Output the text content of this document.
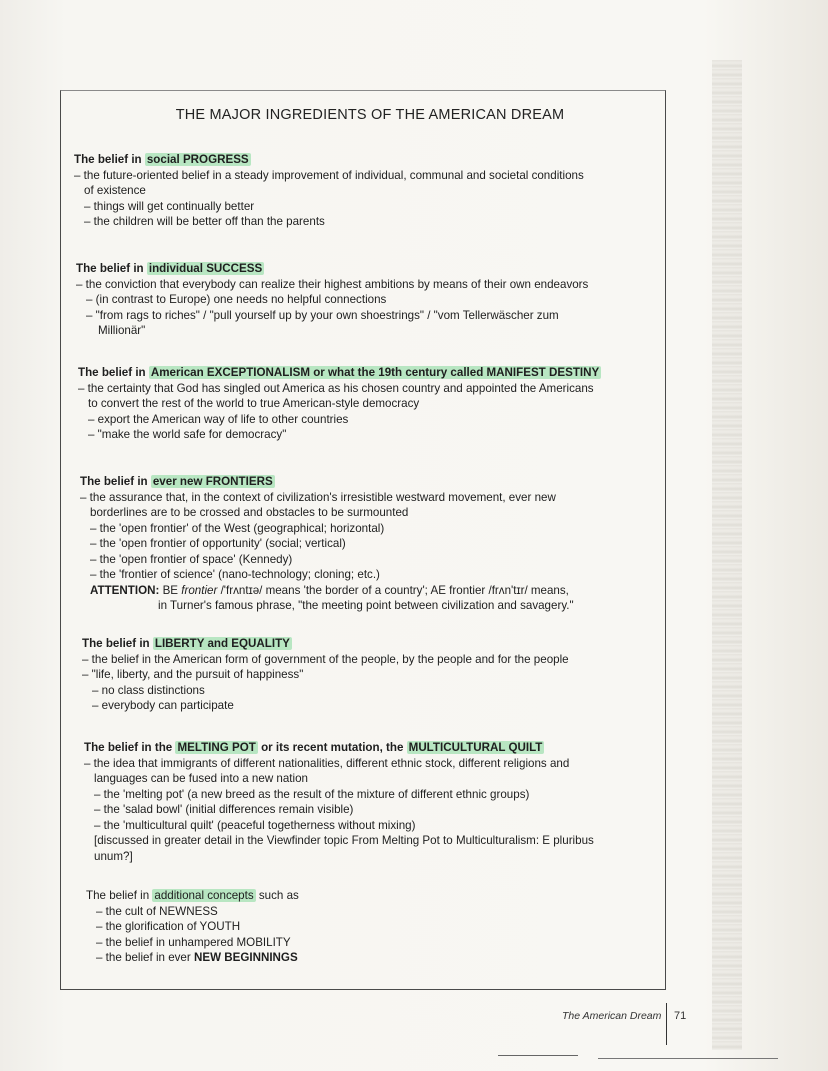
THE MAJOR INGREDIENTS OF THE AMERICAN DREAM
The belief in social PROGRESS
– the future-oriented belief in a steady improvement of individual, communal and societal conditions
of existence
– things will get continually better
– the children will be better off than the parents
The belief in individual SUCCESS
– the conviction that everybody can realize their highest ambitions by means of their own endeavors
– (in contrast to Europe) one needs no helpful connections
– "from rags to riches" / "pull yourself up by your own shoestrings" / "vom Tellerwäscher zum
Millionär"
The belief in American EXCEPTIONALISM or what the 19th century called MANIFEST DESTINY
– the certainty that God has singled out America as his chosen country and appointed the Americans
to convert the rest of the world to true American-style democracy
– export the American way of life to other countries
– "make the world safe for democracy"
The belief in ever new FRONTIERS
– the assurance that, in the context of civilization's irresistible westward movement, ever new
borderlines are to be crossed and obstacles to be surmounted
– the 'open frontier' of the West (geographical; horizontal)
– the 'open frontier of opportunity' (social; vertical)
– the 'open frontier of space' (Kennedy)
– the 'frontier of science' (nano-technology; cloning; etc.)
ATTENTION: BE frontier /'frʌntɪə/ means 'the border of a country'; AE frontier /frʌn'tɪr/ means,
in Turner's famous phrase, "the meeting point between civilization and savagery."
The belief in LIBERTY and EQUALITY
– the belief in the American form of government of the people, by the people and for the people
– "life, liberty, and the pursuit of happiness"
– no class distinctions
– everybody can participate
The belief in the MELTING POT or its recent mutation, the MULTICULTURAL QUILT
– the idea that immigrants of different nationalities, different ethnic stock, different religions and
languages can be fused into a new nation
– the 'melting pot' (a new breed as the result of the mixture of different ethnic groups)
– the 'salad bowl' (initial differences remain visible)
– the 'multicultural quilt' (peaceful togetherness without mixing)
[discussed in greater detail in the Viewfinder topic From Melting Pot to Multiculturalism: E pluribus
unum?]
The belief in additional concepts such as
– the cult of NEWNESS
– the glorification of YOUTH
– the belief in unhampered MOBILITY
– the belief in ever NEW BEGINNINGS
The American Dream 71
